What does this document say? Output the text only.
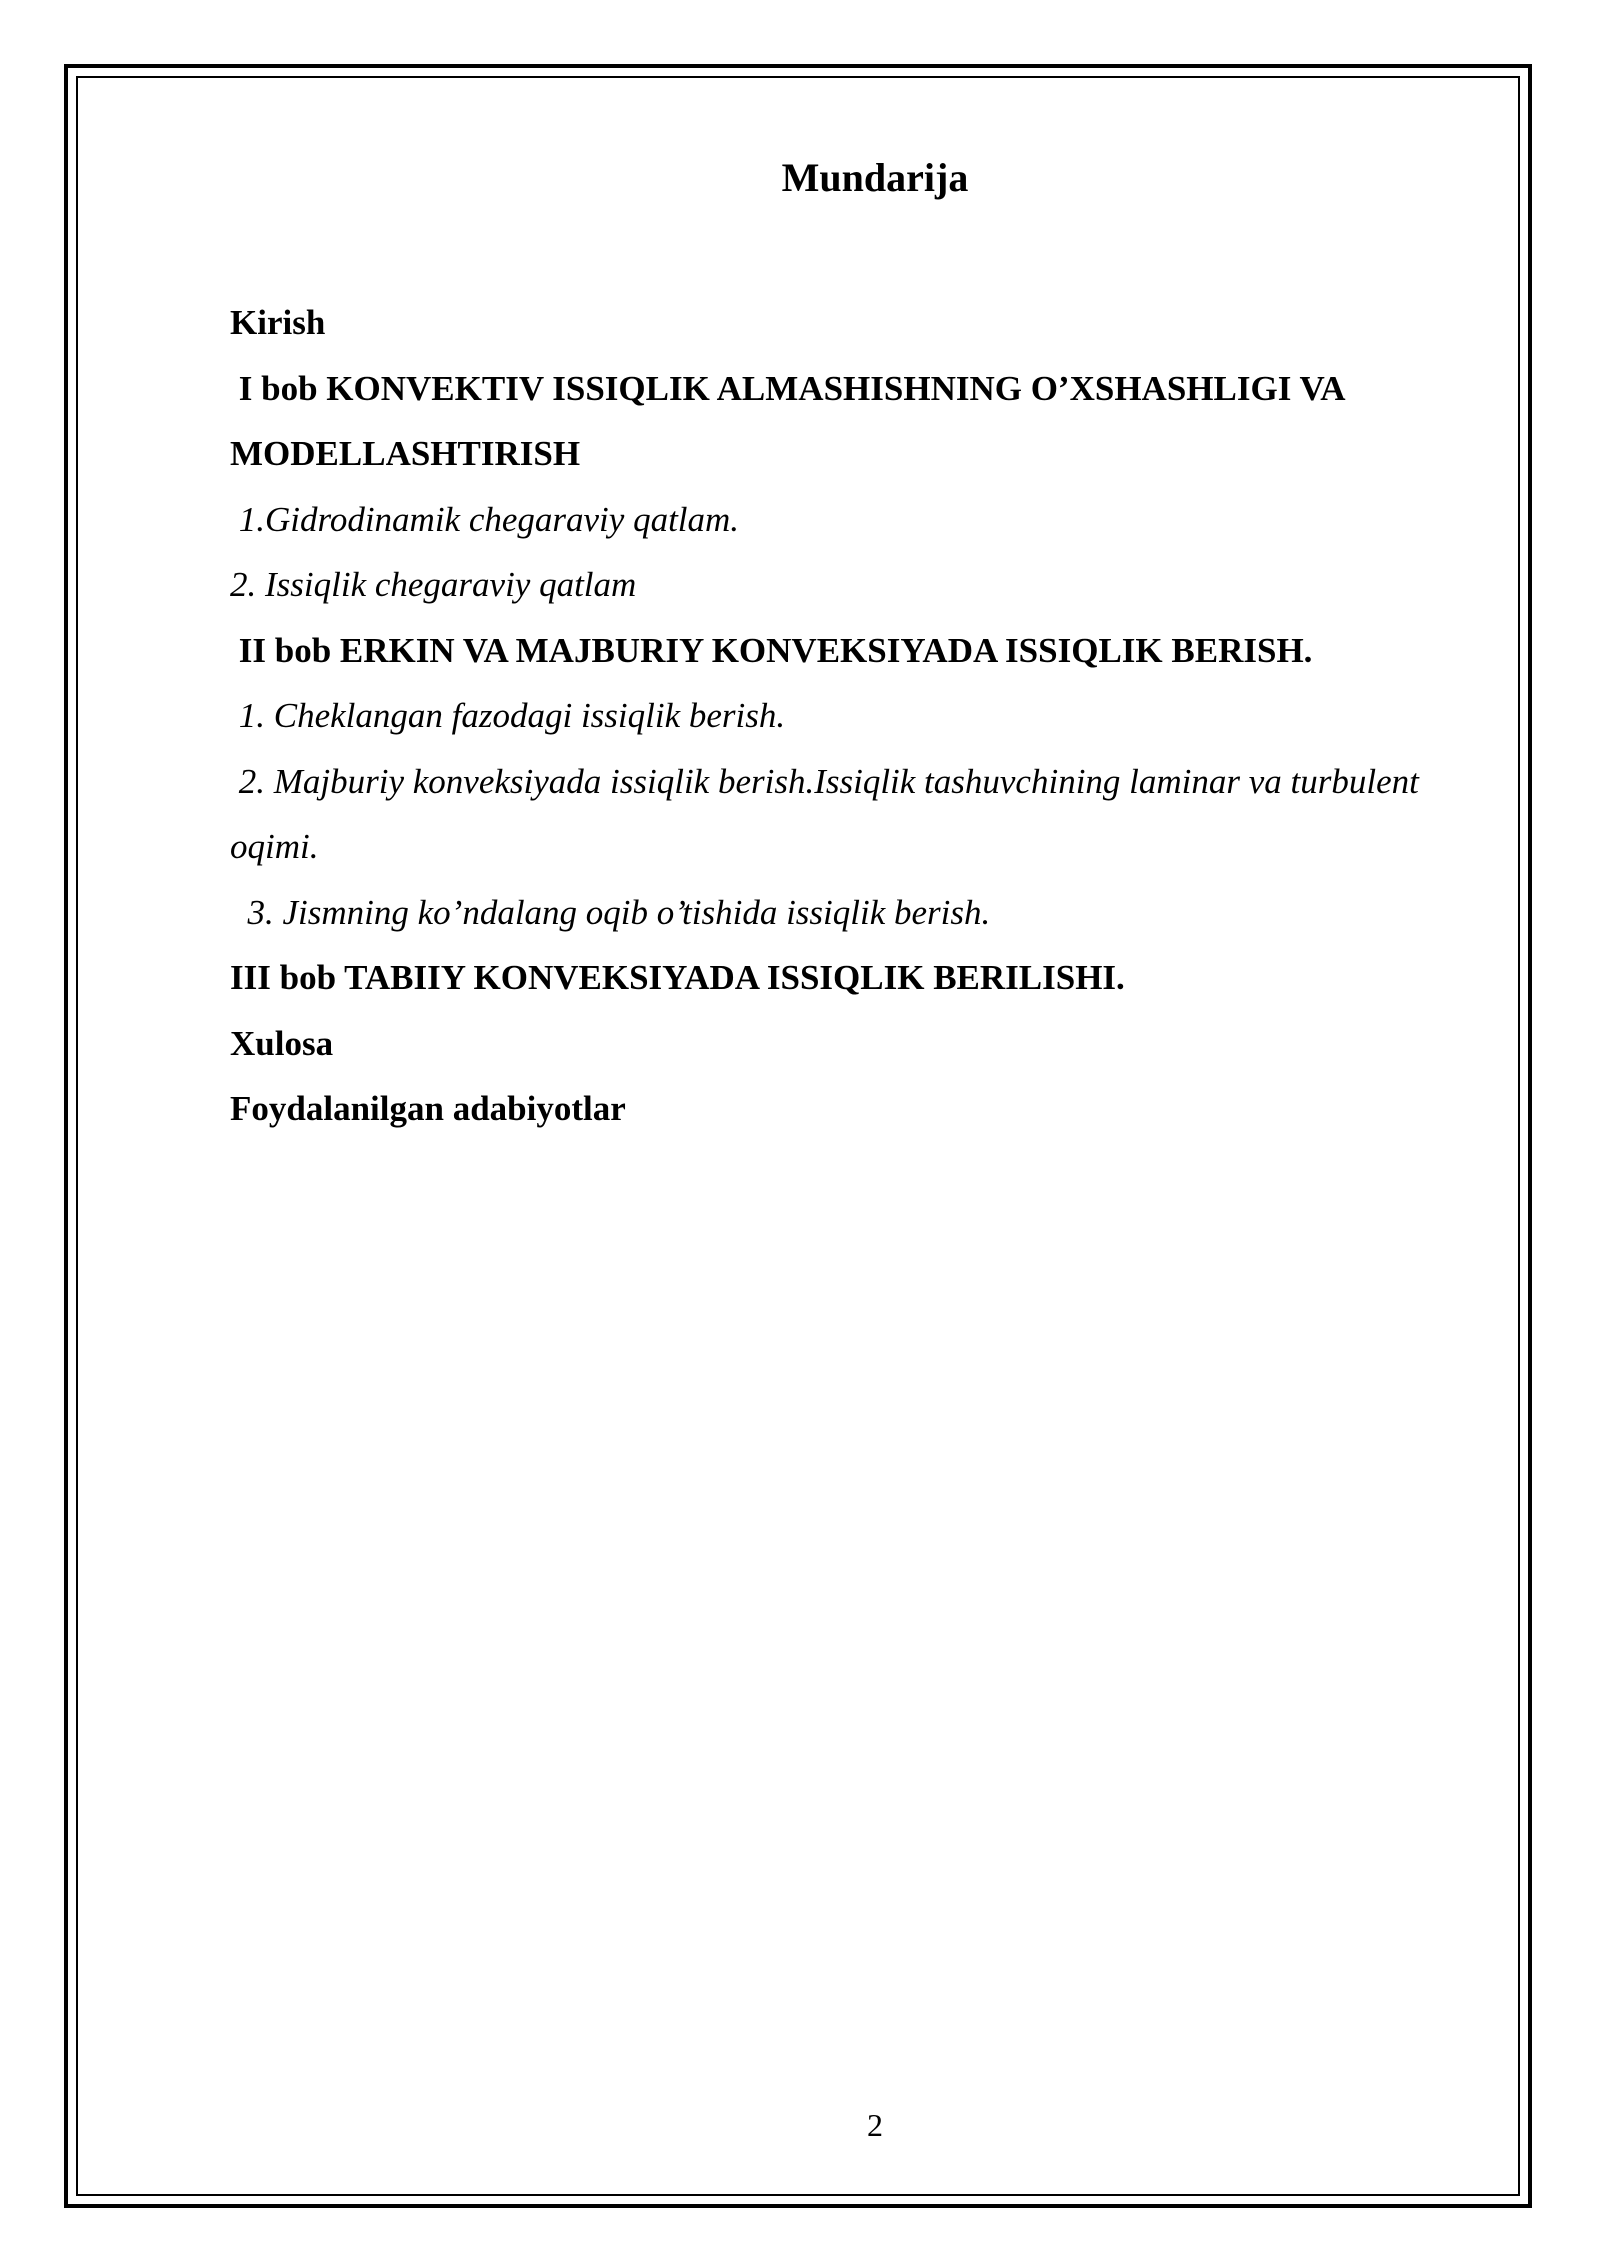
Mundarija
Kirish
I bob KONVEKTIV ISSIQLIK ALMASHISHNING O’XSHASHLIGI VA
MODELLASHTIRISH
1.Gidrodinamik chegaraviy qatlam.
2. Issiqlik chegaraviy qatlam
II bob ERKIN VA MAJBURIY KONVEKSIYADA ISSIQLIK BERISH.
1. Cheklangan fazodagi issiqlik berish.
2. Majburiy konveksiyada issiqlik berish.Issiqlik tashuvchining laminar va turbulent
oqimi.
3. Jismning ko’ndalang oqib o’tishida issiqlik berish.
III bob TABIIY KONVEKSIYADA ISSIQLIK BERILISHI.
Xulosa
Foydalanilgan adabiyotlar
2
